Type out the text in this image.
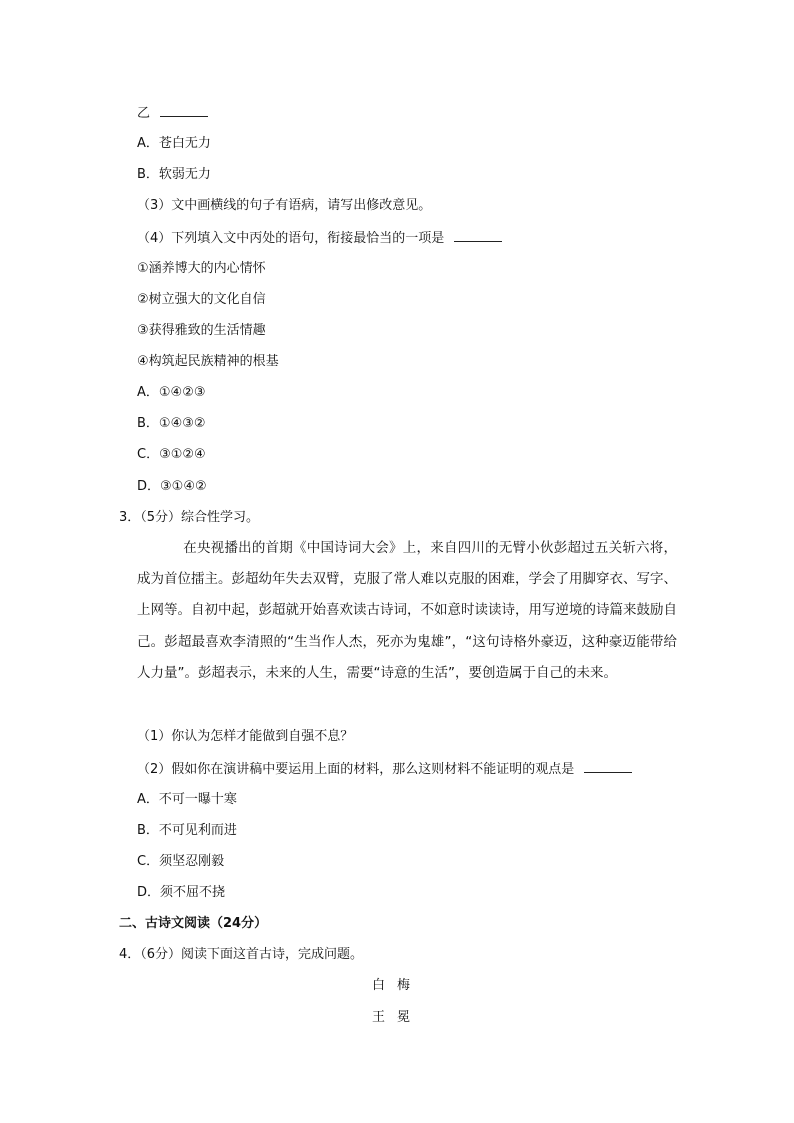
乙
A．苍白无力
B．软弱无力
（3）文中画横线的句子有语病，请写出修改意见。
（4）下列填入文中丙处的语句，衔接最恰当的一项是
①涵养博大的内心情怀
②树立强大的文化自信
③获得雅致的生活情趣
④构筑起民族精神的根基
A．①④②③
B．①④③②
C．③①②④
D．③①④②
3．（5分）综合性学习。
在央视播出的首期《中国诗词大会》上，来自四川的无臂小伙彭超过五关斩六将，成为首位擂主。彭超幼年失去双臂，克服了常人难以克服的困难，学会了用脚穿衣、写字、上网等。自初中起，彭超就开始喜欢读古诗词，不如意时读读诗，用写逆境的诗篇来鼓励自己。彭超最喜欢李清照的“生当作人杰，死亦为鬼雄”，“这句诗格外豪迈，这种豪迈能带给人力量”。彭超表示，未来的人生，需要“诗意的生活”，要创造属于自己的未来。
（1）你认为怎样才能做到自强不息？
（2）假如你在演讲稿中要运用上面的材料，那么这则材料不能证明的观点是
A．不可一曝十寒
B．不可见利而进
C．须坚忍刚毅
D．须不屈不挠
二、古诗文阅读（24分）
4．（6分）阅读下面这首古诗，完成问题。
白梅
王冕
